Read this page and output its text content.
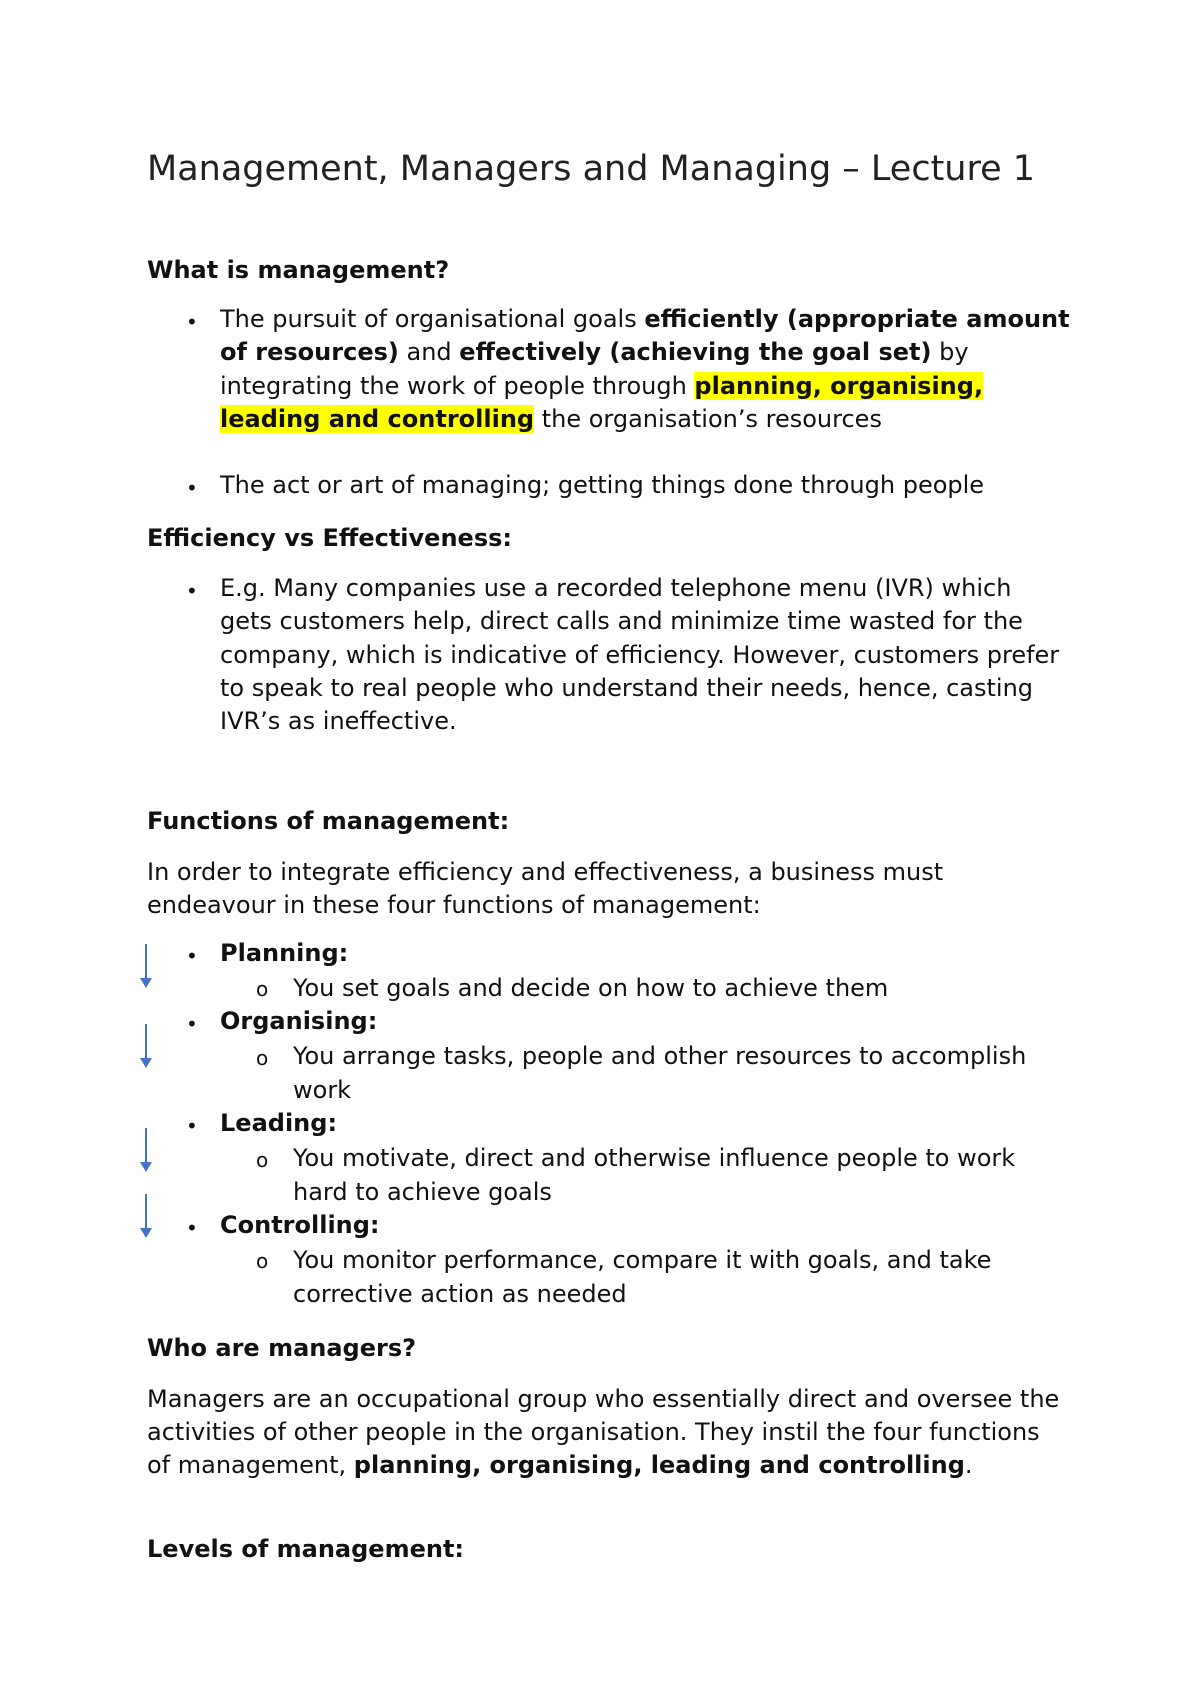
Management, Managers and Managing – Lecture 1
What is management?
• The pursuit of organisational goals efficiently (appropriate amount of resources) and effectively (achieving the goal set) by integrating the work of people through planning, organising, leading and controlling the organisation’s resources
• The act or art of managing; getting things done through people
Efficiency vs Effectiveness:
• E.g. Many companies use a recorded telephone menu (IVR) which gets customers help, direct calls and minimize time wasted for the company, which is indicative of efficiency. However, customers prefer to speak to real people who understand their needs, hence, casting IVR’s as ineffective.
Functions of management:

In order to integrate efficiency and effectiveness, a business must endeavour in these four functions of management:

• Planning:
o You set goals and decide on how to achieve them
• Organising:
o You arrange tasks, people and other resources to accomplish work
• Leading:
o You motivate, direct and otherwise influence people to work hard to achieve goals
• Controlling:
o You monitor performance, compare it with goals, and take corrective action as needed
Who are managers?

Managers are an occupational group who essentially direct and oversee the activities of other people in the organisation. They instil the four functions of management, planning, organising, leading and controlling.

Levels of management:
